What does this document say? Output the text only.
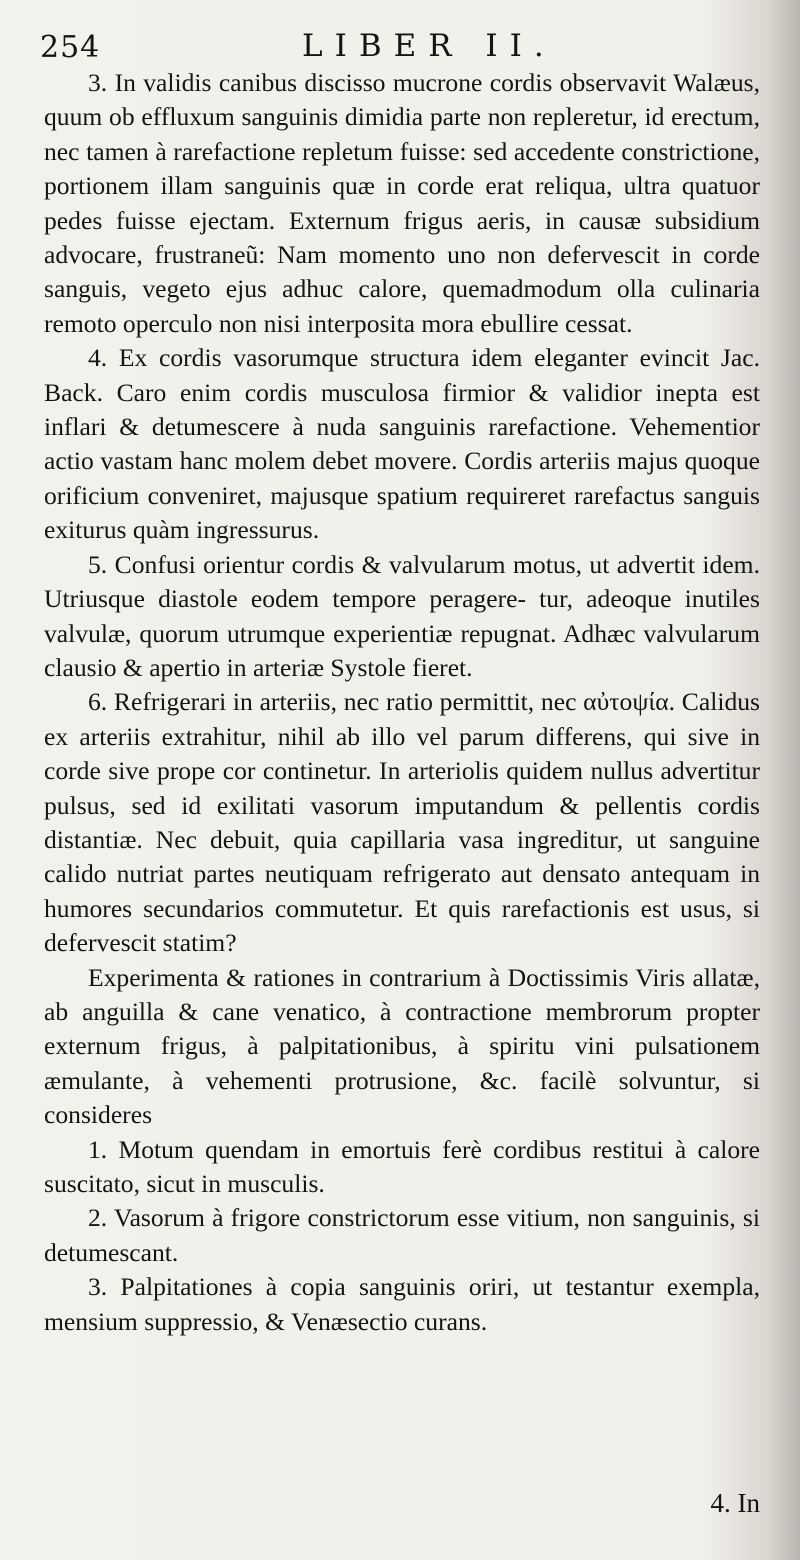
254	LIBER II.

3. In validis canibus discisso mucrone cordis observavit Walæus, quum ob effluxum sanguinis dimidia parte non repleretur, id erectum, nec tamen à rarefactione repletum fuisse: sed accedente constrictione, portionem illam sanguinis quæ in corde erat reliqua, ultra quatuor pedes fuisse ejectam. Externum frigus aeris, in causæ subsidium advocare, frustraneũ: Nam momento uno non defervescit in corde sanguis, vegeto ejus adhuc calore, quemadmodum olla culinaria remoto operculo non nisi interposita mora ebullire cessat.

4. Ex cordis vasorumque structura idem eleganter evincit Jac. Back. Caro enim cordis musculosa firmior & validior inepta est inflari & detumescere à nuda sanguinis rarefactione. Vehementior actio vastam hanc molem debet movere. Cordis arteriis majus quoque orificium conveniret, majusque spatium requireret rarefactus sanguis exiturus quàm ingressurus.

5. Confusi orientur cordis & valvularum motus, ut advertit idem. Utriusque diastole eodem tempore peragere- tur, adeoque inutiles valvulæ, quorum utrumque experientiæ repugnat. Adhæc valvularum clausio & apertio in arteriæ Systole fieret.

6. Refrigerari in arteriis, nec ratio permittit, nec αὐτοψία. Calidus ex arteriis extrahitur, nihil ab illo vel parum differens, qui sive in corde sive prope cor continetur. In arteriolis quidem nullus advertitur pulsus, sed id exilitati vasorum imputandum & pellentis cordis distantiæ. Nec debuit, quia capillaria vasa ingreditur, ut sanguine calido nutriat partes neutiquam refrigerato aut densato antequam in humores secundarios commutetur. Et quis rarefactionis est usus, si defervescit statim?

Experimenta & rationes in contrarium à Doctissimis Viris allatæ, ab anguilla & cane venatico, à contractione membrorum propter externum frigus, à palpitationibus, à spiritu vini pulsationem æmulante, à vehementi protrusione, &c. facilè solvuntur, si consideres

1. Motum quendam in emortuis ferè cordibus restitui à calore suscitato, sicut in musculis.

2. Vasorum à frigore constrictorum esse vitium, non sanguinis, si detumescant.

3. Palpitationes à copia sanguinis oriri, ut testantur exempla, mensium suppressio, & Venæsectio curans.

4. In
